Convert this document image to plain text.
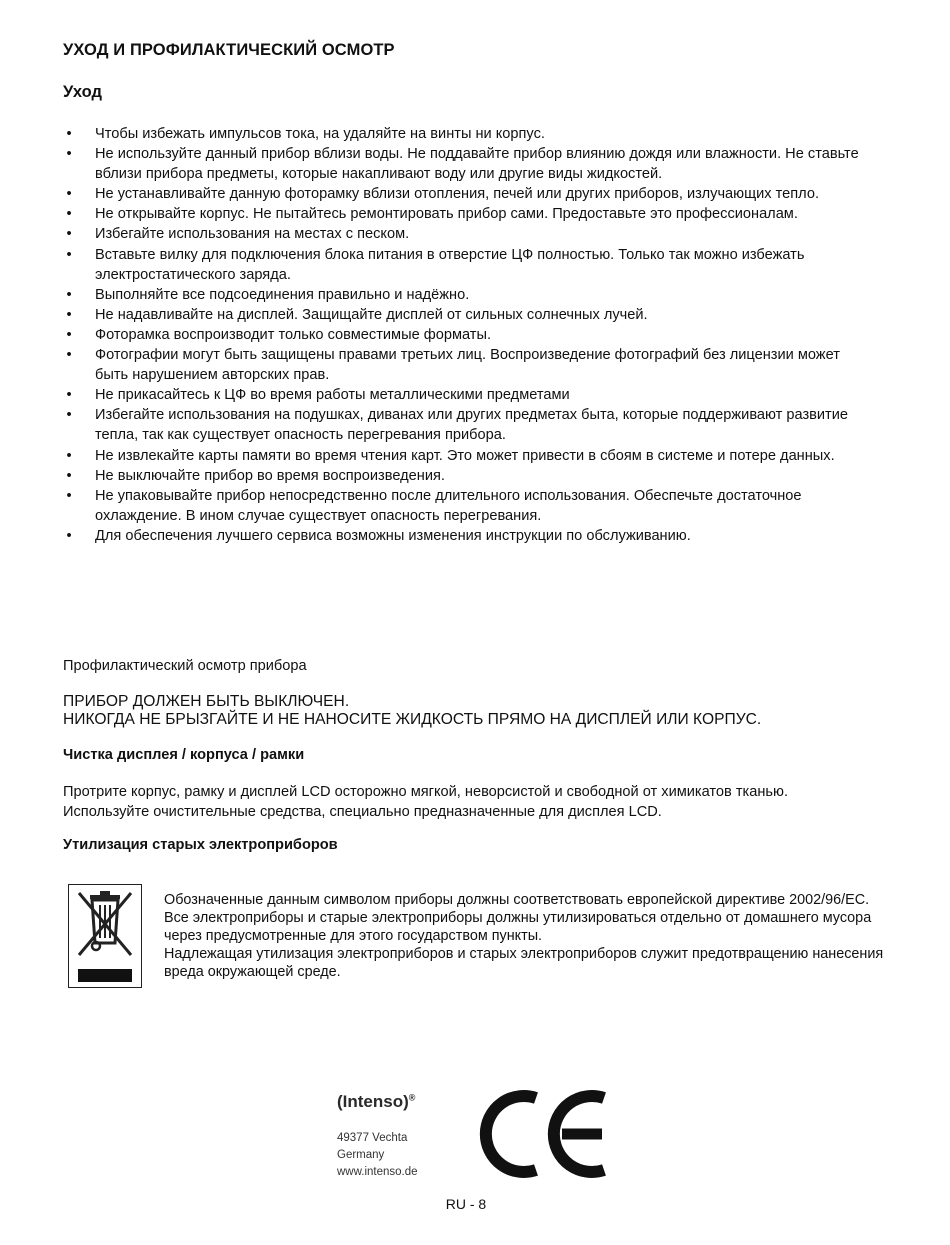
УХОД И ПРОФИЛАКТИЧЕСКИЙ ОСМОТР
Уход
• Чтобы избежать импульсов тока, на удаляйте на винты ни корпус.
• Не используйте данный прибор вблизи воды. Не поддавайте прибор влиянию дождя или влажности. Не ставьте вблизи прибора предметы, которые накапливают воду или другие виды жидкостей.
• Не устанавливайте данную фоторамку вблизи отопления, печей или других приборов, излучающих тепло.
• Не открывайте корпус. Не пытайтесь ремонтировать прибор сами. Предоставьте это профессионалам.
• Избегайте использования на местах с песком.
• Вставьте вилку для подключения блока питания в отверстие ЦФ полностью. Только так можно избежать электростатического заряда.
• Выполняйте все подсоединения правильно и надёжно.
• Не надавливайте на дисплей. Защищайте дисплей от сильных солнечных лучей.
• Фоторамка воспроизводит только совместимые форматы.
• Фотографии могут быть защищены правами третьих лиц. Воспроизведение фотографий без лицензии может быть нарушением авторских прав.
• Не прикасайтесь к ЦФ во время работы металлическими предметами
• Избегайте использования на подушках, диванах или других предметах быта, которые поддерживают развитие тепла, так как существует опасность перегревания прибора.
• Не извлекайте карты памяти во время чтения карт. Это может привести в сбоям в системе и потере данных.
• Не выключайте прибор во время воспроизведения.
• Не упаковывайте прибор непосредственно после длительного использования. Обеспечьте достаточное охлаждение. В ином случае существует опасность перегревания.
• Для обеспечения лучшего сервиса возможны изменения инструкции по обслуживанию.
Профилактический осмотр прибора
ПРИБОР ДОЛЖЕН БЫТЬ ВЫКЛЮЧЕН.
НИКОГДА НЕ БРЫЗГАЙТЕ И НЕ НАНОСИТЕ ЖИДКОСТЬ ПРЯМО НА ДИСПЛЕЙ ИЛИ КОРПУС.
Чистка дисплея / корпуса / рамки
Протрите корпус, рамку и дисплей LCD осторожно мягкой, неворсистой и свободной от химикатов тканью. Используйте очистительные средства, специально предназначенные для дисплея LCD.
Утилизация старых электроприборов
Обозначенные данным символом приборы должны соответствовать европейской директиве 2002/96/EC.
Все электроприборы и старые электроприборы должны утилизироваться отдельно от домашнего мусора через предусмотренные для этого государством пункты.
Надлежащая утилизация электроприборов и старых электроприборов служит предотвращению нанесения вреда окружающей среде.
(Intenso)®
49377 Vechta
Germany
www.intenso.de
RU - 8
